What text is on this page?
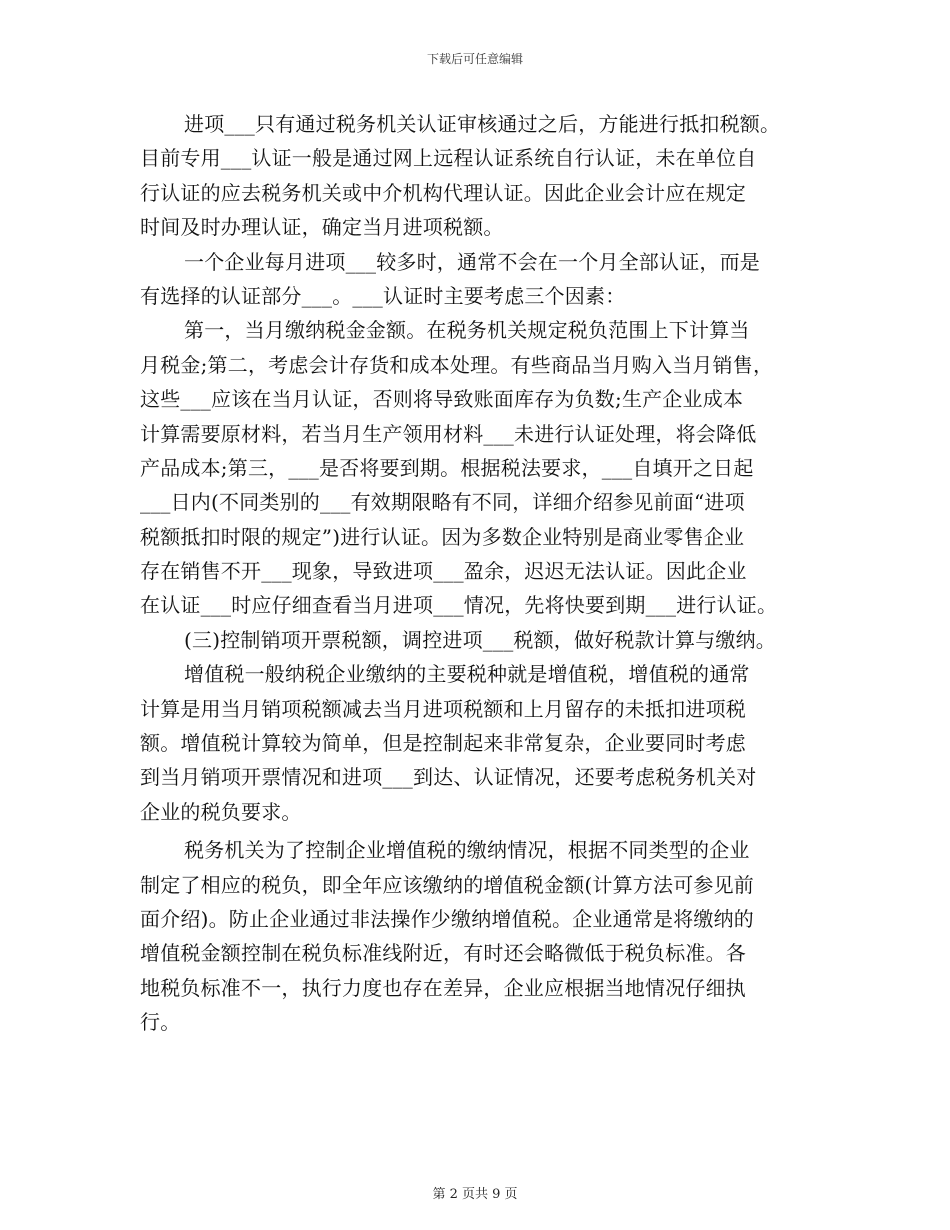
下载后可任意编辑
进项___只有通过税务机关认证审核通过之后，方能进行抵扣税额。
目前专用___认证一般是通过网上远程认证系统自行认证，未在单位自
行认证的应去税务机关或中介机构代理认证。因此企业会计应在规定
时间及时办理认证，确定当月进项税额。
一个企业每月进项___较多时，通常不会在一个月全部认证，而是
有选择的认证部分___。___认证时主要考虑三个因素：
第一，当月缴纳税金金额。在税务机关规定税负范围上下计算当
月税金;第二，考虑会计存货和成本处理。有些商品当月购入当月销售，
这些___应该在当月认证，否则将导致账面库存为负数;生产企业成本
计算需要原材料，若当月生产领用材料___未进行认证处理，将会降低
产品成本;第三，___是否将要到期。根据税法要求，___自填开之日起
___日内(不同类别的___有效期限略有不同，详细介绍参见前面“进项
税额抵扣时限的规定”)进行认证。因为多数企业特别是商业零售企业
存在销售不开___现象，导致进项___盈余，迟迟无法认证。因此企业
在认证___时应仔细查看当月进项___情况，先将快要到期___进行认证。
(三)控制销项开票税额，调控进项___税额，做好税款计算与缴纳。
增值税一般纳税企业缴纳的主要税种就是增值税，增值税的通常
计算是用当月销项税额减去当月进项税额和上月留存的未抵扣进项税
额。增值税计算较为简单，但是控制起来非常复杂，企业要同时考虑
到当月销项开票情况和进项___到达、认证情况，还要考虑税务机关对
企业的税负要求。
税务机关为了控制企业增值税的缴纳情况，根据不同类型的企业
制定了相应的税负，即全年应该缴纳的增值税金额(计算方法可参见前
面介绍)。防止企业通过非法操作少缴纳增值税。企业通常是将缴纳的
增值税金额控制在税负标准线附近，有时还会略微低于税负标准。各
地税负标准不一，执行力度也存在差异，企业应根据当地情况仔细执
行。
第 2 页共 9 页
